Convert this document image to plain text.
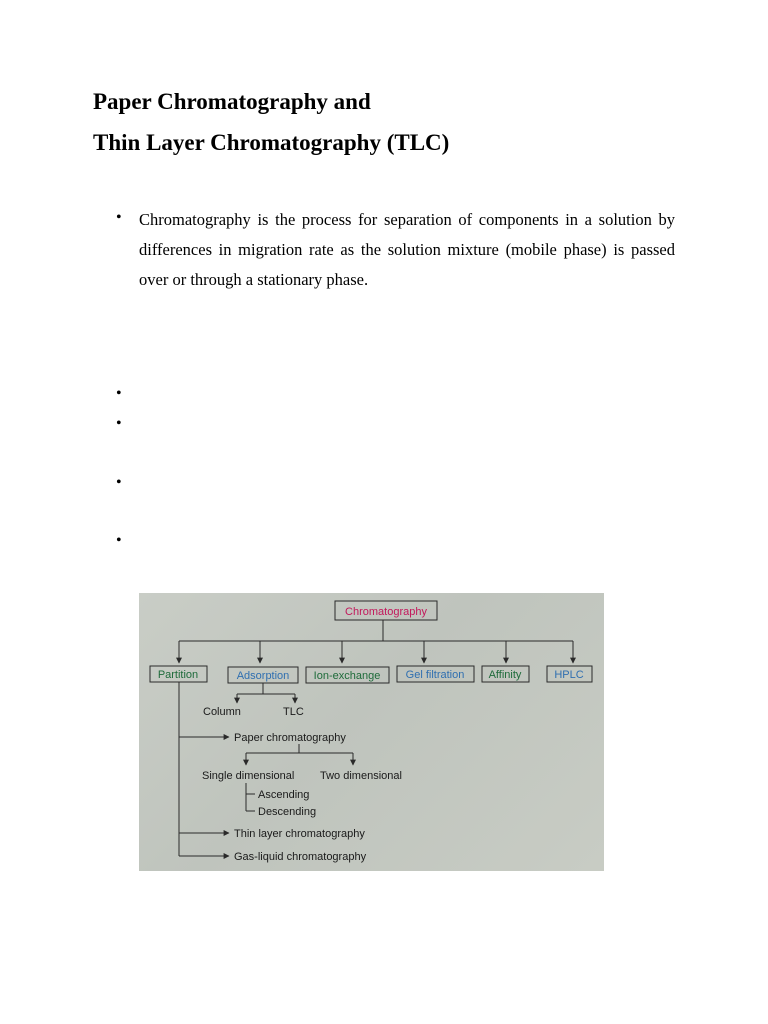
Paper Chromatography and
Thin Layer Chromatography (TLC)
• Chromatography is the process for separation of components in a solution by differences in migration rate as the solution mixture (mobile phase) is passed over or through a stationary phase.

•
•
•
•
Chromatography
Partition	Adsorption Ion-exchange Gel filtration Affinity	HPLC
Column	TLC
Paper chromatography
Single dimensional Two dimensional
Ascending
Descending
Thin layer chromatography
Gas-liquid chromatography
